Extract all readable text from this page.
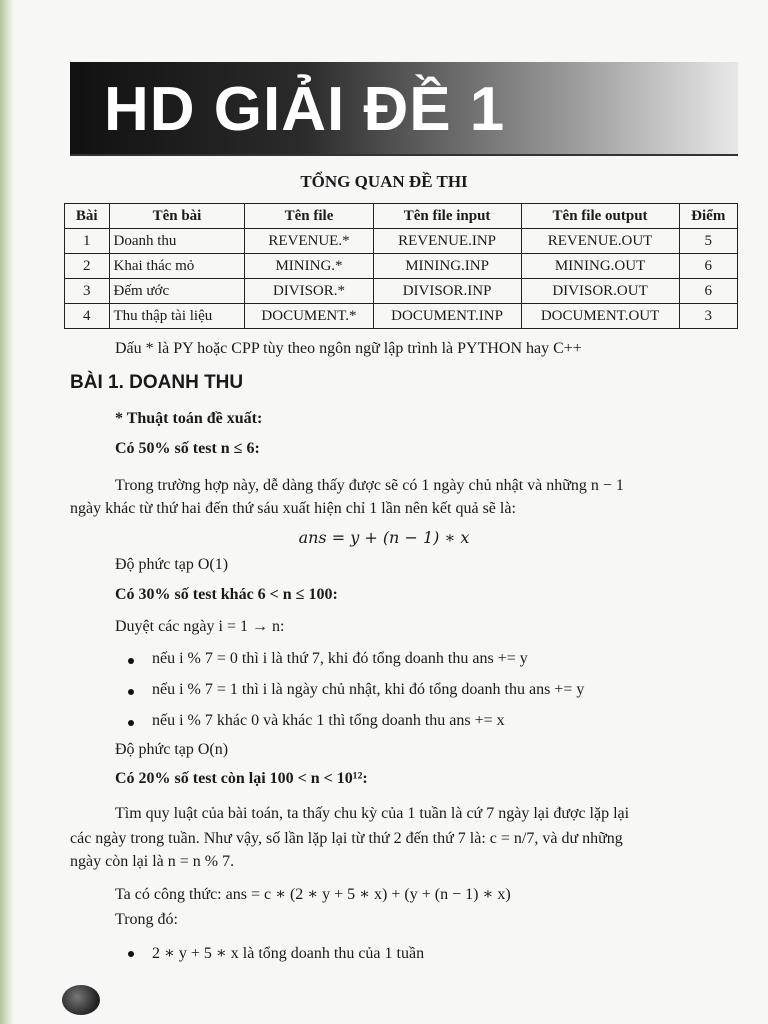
HD GIẢI ĐỀ 1
TỔNG QUAN ĐỀ THI
Bài	Tên bài	Tên file	Tên file input	Tên file output	Điểm
1	Doanh thu	REVENUE.*	REVENUE.INP	REVENUE.OUT	5
2	Khai thác mỏ	MINING.*	MINING.INP	MINING.OUT	6
3	Đếm ước	DIVISOR.*	DIVISOR.INP	DIVISOR.OUT	6
4	Thu thập tài liệu	DOCUMENT.*	DOCUMENT.INP	DOCUMENT.OUT	3
Dấu * là PY hoặc CPP tùy theo ngôn ngữ lập trình là PYTHON hay C++
BÀI 1. DOANH THU
* Thuật toán đề xuất:
Có 50% số test n ≤ 6:
Trong trường hợp này, dễ dàng thấy được sẽ có 1 ngày chủ nhật và những n − 1
ngày khác từ thứ hai đến thứ sáu xuất hiện chỉ 1 lần nên kết quả sẽ là:
ans = y + (n − 1) ∗ x
Độ phức tạp O(1)
Có 30% số test khác 6 < n ≤ 100:
Duyệt các ngày i = 1 → n:
nếu i % 7 = 0 thì i là thứ 7, khi đó tổng doanh thu ans += y
nếu i % 7 = 1 thì i là ngày chủ nhật, khi đó tổng doanh thu ans += y
nếu i % 7 khác 0 và khác 1 thì tổng doanh thu ans += x
Độ phức tạp O(n)
Có 20% số test còn lại 100 < n < 10¹²:
Tìm quy luật của bài toán, ta thấy chu kỳ của 1 tuần là cứ 7 ngày lại được lặp lại
các ngày trong tuần. Như vậy, số lần lặp lại từ thứ 2 đến thứ 7 là: c = n/7, và dư những
ngày còn lại là n = n % 7.
Ta có công thức: ans = c ∗ (2 ∗ y + 5 ∗ x) + (y + (n − 1) ∗ x)
Trong đó:
2 ∗ y + 5 ∗ x là tổng doanh thu của 1 tuần
